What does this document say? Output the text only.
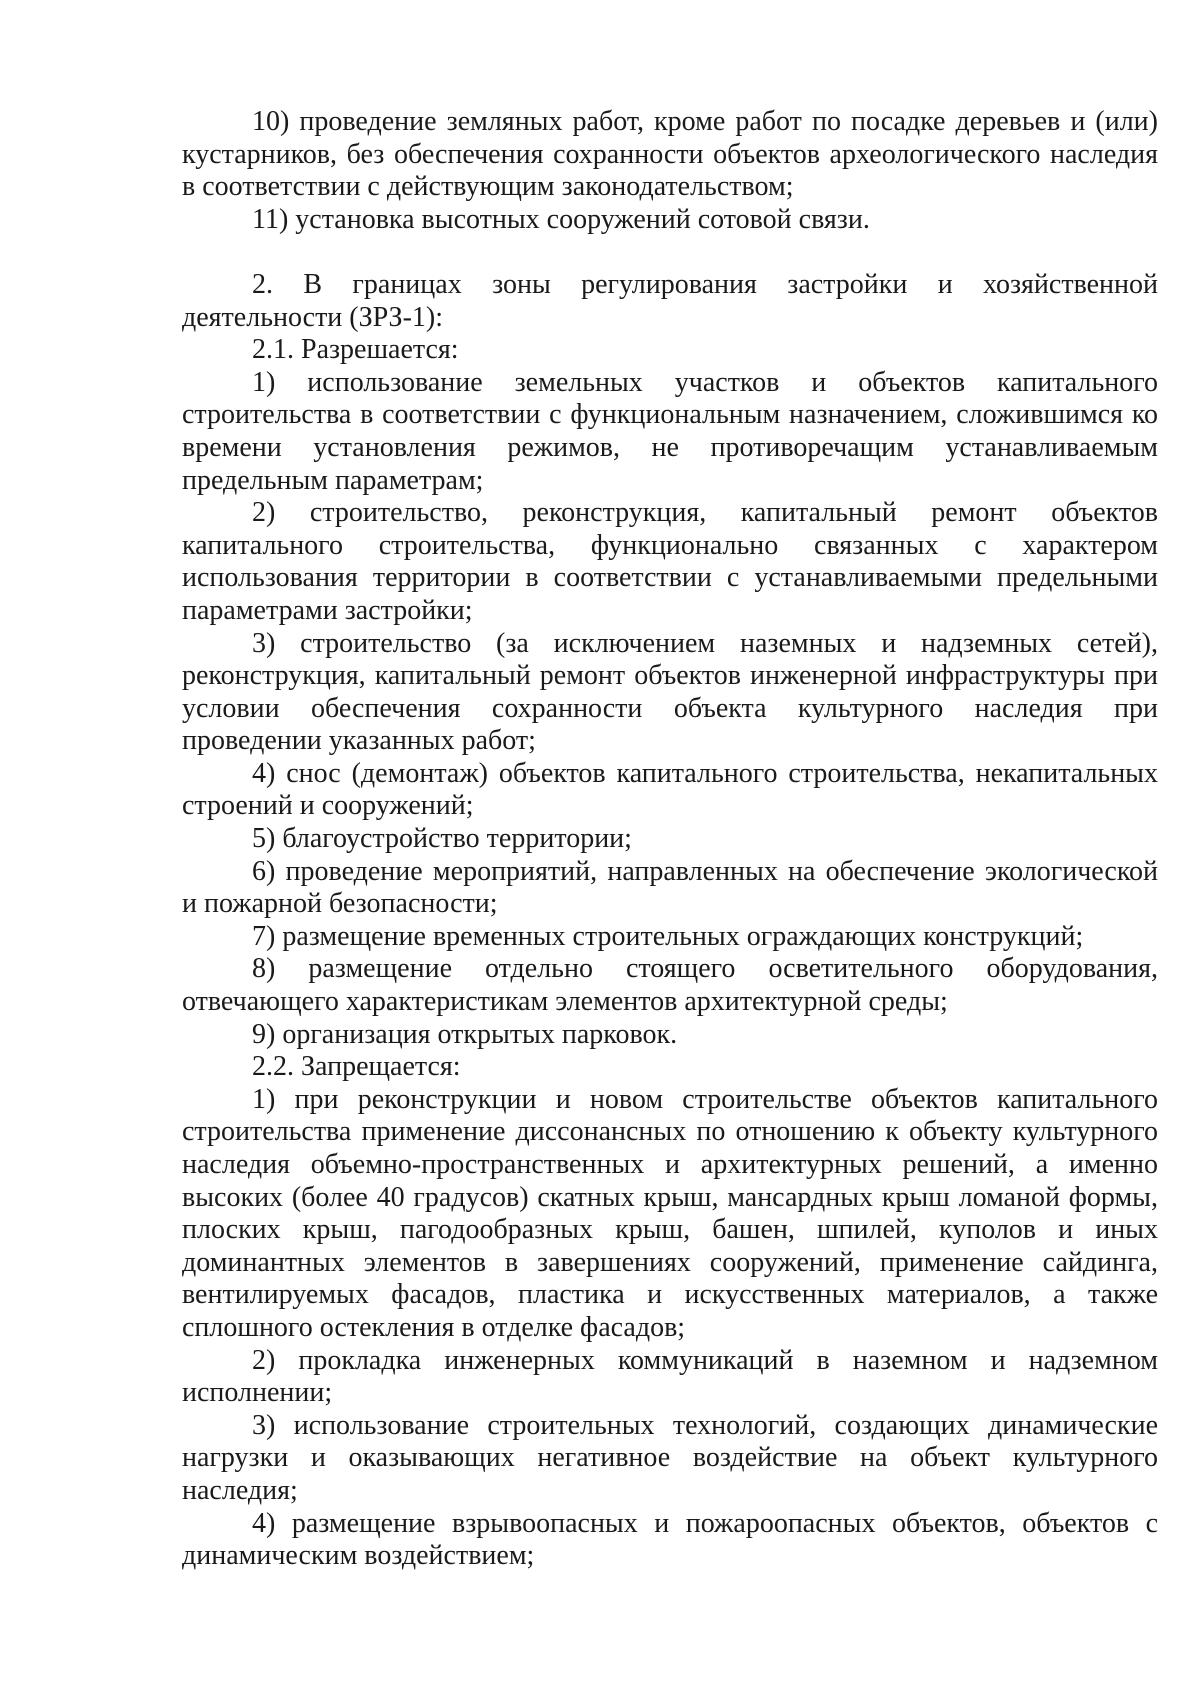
10) проведение земляных работ, кроме работ по посадке деревьев и (или) кустарников, без обеспечения сохранности объектов археологического наследия в соответствии с действующим законодательством;

11) установка высотных сооружений сотовой связи.

2. В границах зоны регулирования застройки и хозяйственной деятельности (ЗРЗ-1):

2.1. Разрешается:

1) использование земельных участков и объектов капитального строительства в соответствии с функциональным назначением, сложившимся ко времени установления режимов, не противоречащим устанавливаемым предельным параметрам;

2) строительство, реконструкция, капитальный ремонт объектов капитального строительства, функционально связанных с характером использования территории в соответствии с устанавливаемыми предельными параметрами застройки;

3) строительство (за исключением наземных и надземных сетей), реконструкция, капитальный ремонт объектов инженерной инфраструктуры при условии обеспечения сохранности объекта культурного наследия при проведении указанных работ;

4) снос (демонтаж) объектов капитального строительства, некапитальных строений и сооружений;

5) благоустройство территории;

6) проведение мероприятий, направленных на обеспечение экологической и пожарной безопасности;

7) размещение временных строительных ограждающих конструкций;

8) размещение отдельно стоящего осветительного оборудования, отвечающего характеристикам элементов архитектурной среды;

9) организация открытых парковок.

2.2. Запрещается:

1) при реконструкции и новом строительстве объектов капитального строительства применение диссонансных по отношению к объекту культурного наследия объемно-пространственных и архитектурных решений, а именно высоких (более 40 градусов) скатных крыш, мансардных крыш ломаной формы, плоских крыш, пагодообразных крыш, башен, шпилей, куполов и иных доминантных элементов в завершениях сооружений, применение сайдинга, вентилируемых фасадов, пластика и искусственных материалов, а также сплошного остекления в отделке фасадов;

2) прокладка инженерных коммуникаций в наземном и надземном исполнении;

3) использование строительных технологий, создающих динамические нагрузки и оказывающих негативное воздействие на объект культурного наследия;

4) размещение взрывоопасных и пожароопасных объектов, объектов с динамическим воздействием;
